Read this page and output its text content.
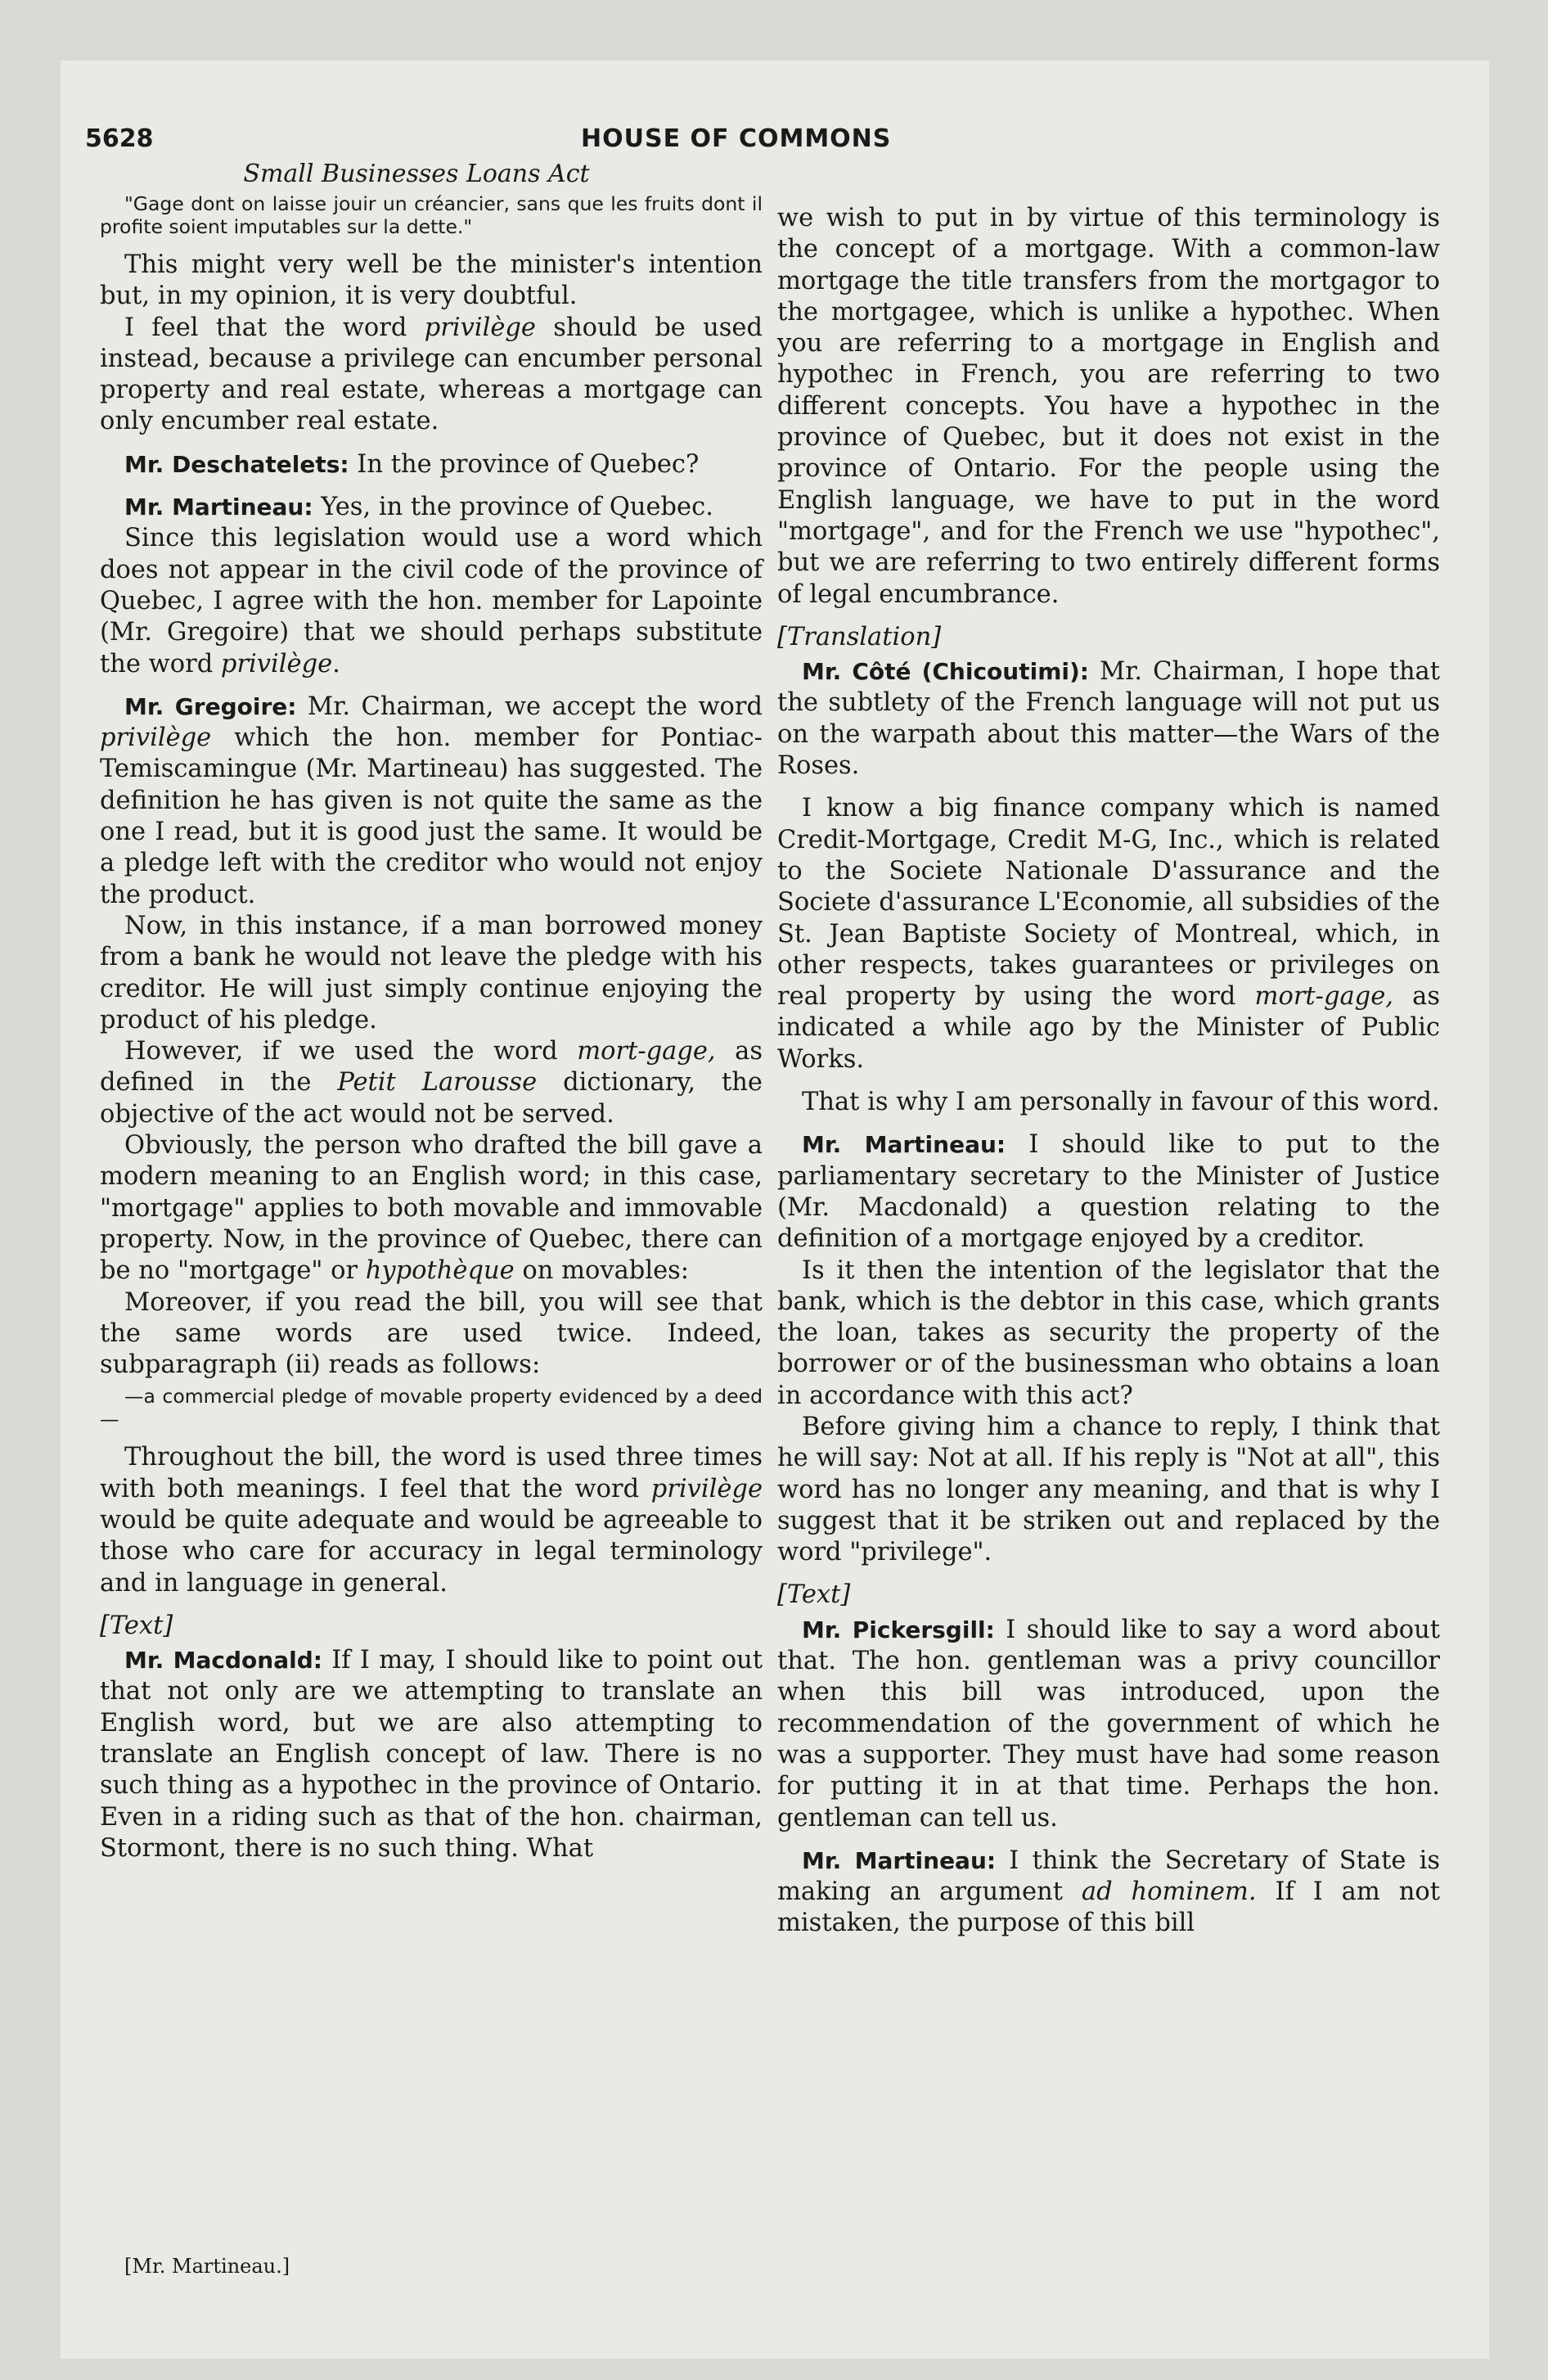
5628	HOUSE OF COMMONS
Small Businesses Loans Act

"Gage dont on laisse jouir un créancier, sans que les fruits dont il profite soient imputables sur la dette."

This might very well be the minister's intention but, in my opinion, it is very doubtful.

I feel that the word privilège should be used instead, because a privilege can encumber personal property and real estate, whereas a mortgage can only encumber real estate.

Mr. Deschatelets: In the province of Quebec?

Mr. Martineau: Yes, in the province of Quebec.

Since this legislation would use a word which does not appear in the civil code of the province of Quebec, I agree with the hon. member for Lapointe (Mr. Gregoire) that we should perhaps substitute the word privilège.

Mr. Gregoire: Mr. Chairman, we accept the word privilège which the hon. member for Pontiac-Temiscamingue (Mr. Martineau) has suggested. The definition he has given is not quite the same as the one I read, but it is good just the same. It would be a pledge left with the creditor who would not enjoy the product.

Now, in this instance, if a man borrowed money from a bank he would not leave the pledge with his creditor. He will just simply continue enjoying the product of his pledge.

However, if we used the word mort-gage, as defined in the Petit Larousse dictionary, the objective of the act would not be served.

Obviously, the person who drafted the bill gave a modern meaning to an English word; in this case, "mortgage" applies to both movable and immovable property. Now, in the province of Quebec, there can be no "mortgage" or hypothèque on movables:

Moreover, if you read the bill, you will see that the same words are used twice. Indeed, subparagraph (ii) reads as follows:

—a commercial pledge of movable property evidenced by a deed—

Throughout the bill, the word is used three times with both meanings. I feel that the word privilège would be quite adequate and would be agreeable to those who care for accuracy in legal terminology and in language in general.

[Text]

Mr. Macdonald: If I may, I should like to point out that not only are we attempting to translate an English word, but we are also attempting to translate an English concept of law. There is no such thing as a hypothec in the province of Ontario. Even in a riding such as that of the hon. chairman, Stormont, there is no such thing. What

we wish to put in by virtue of this terminology is the concept of a mortgage. With a common-law mortgage the title transfers from the mortgagor to the mortgagee, which is unlike a hypothec. When you are referring to a mortgage in English and hypothec in French, you are referring to two different concepts. You have a hypothec in the province of Quebec, but it does not exist in the province of Ontario. For the people using the English language, we have to put in the word "mortgage", and for the French we use "hypothec", but we are referring to two entirely different forms of legal encumbrance.

[Translation]

Mr. Côté (Chicoutimi): Mr. Chairman, I hope that the subtlety of the French language will not put us on the warpath about this matter—the Wars of the Roses.

I know a big finance company which is named Credit-Mortgage, Credit M-G, Inc., which is related to the Societe Nationale D'assurance and the Societe d'assurance L'Economie, all subsidies of the St. Jean Baptiste Society of Montreal, which, in other respects, takes guarantees or privileges on real property by using the word mort-gage, as indicated a while ago by the Minister of Public Works.

That is why I am personally in favour of this word.

Mr. Martineau: I should like to put to the parliamentary secretary to the Minister of Justice (Mr. Macdonald) a question relating to the definition of a mortgage enjoyed by a creditor.

Is it then the intention of the legislator that the bank, which is the debtor in this case, which grants the loan, takes as security the property of the borrower or of the businessman who obtains a loan in accordance with this act?

Before giving him a chance to reply, I think that he will say: Not at all. If his reply is "Not at all", this word has no longer any meaning, and that is why I suggest that it be striken out and replaced by the word "privilege".

[Text]

Mr. Pickersgill: I should like to say a word about that. The hon. gentleman was a privy councillor when this bill was introduced, upon the recommendation of the government of which he was a supporter. They must have had some reason for putting it in at that time. Perhaps the hon. gentleman can tell us.

Mr. Martineau: I think the Secretary of State is making an argument ad hominem. If I am not mistaken, the purpose of this bill

[Mr. Martineau.]
